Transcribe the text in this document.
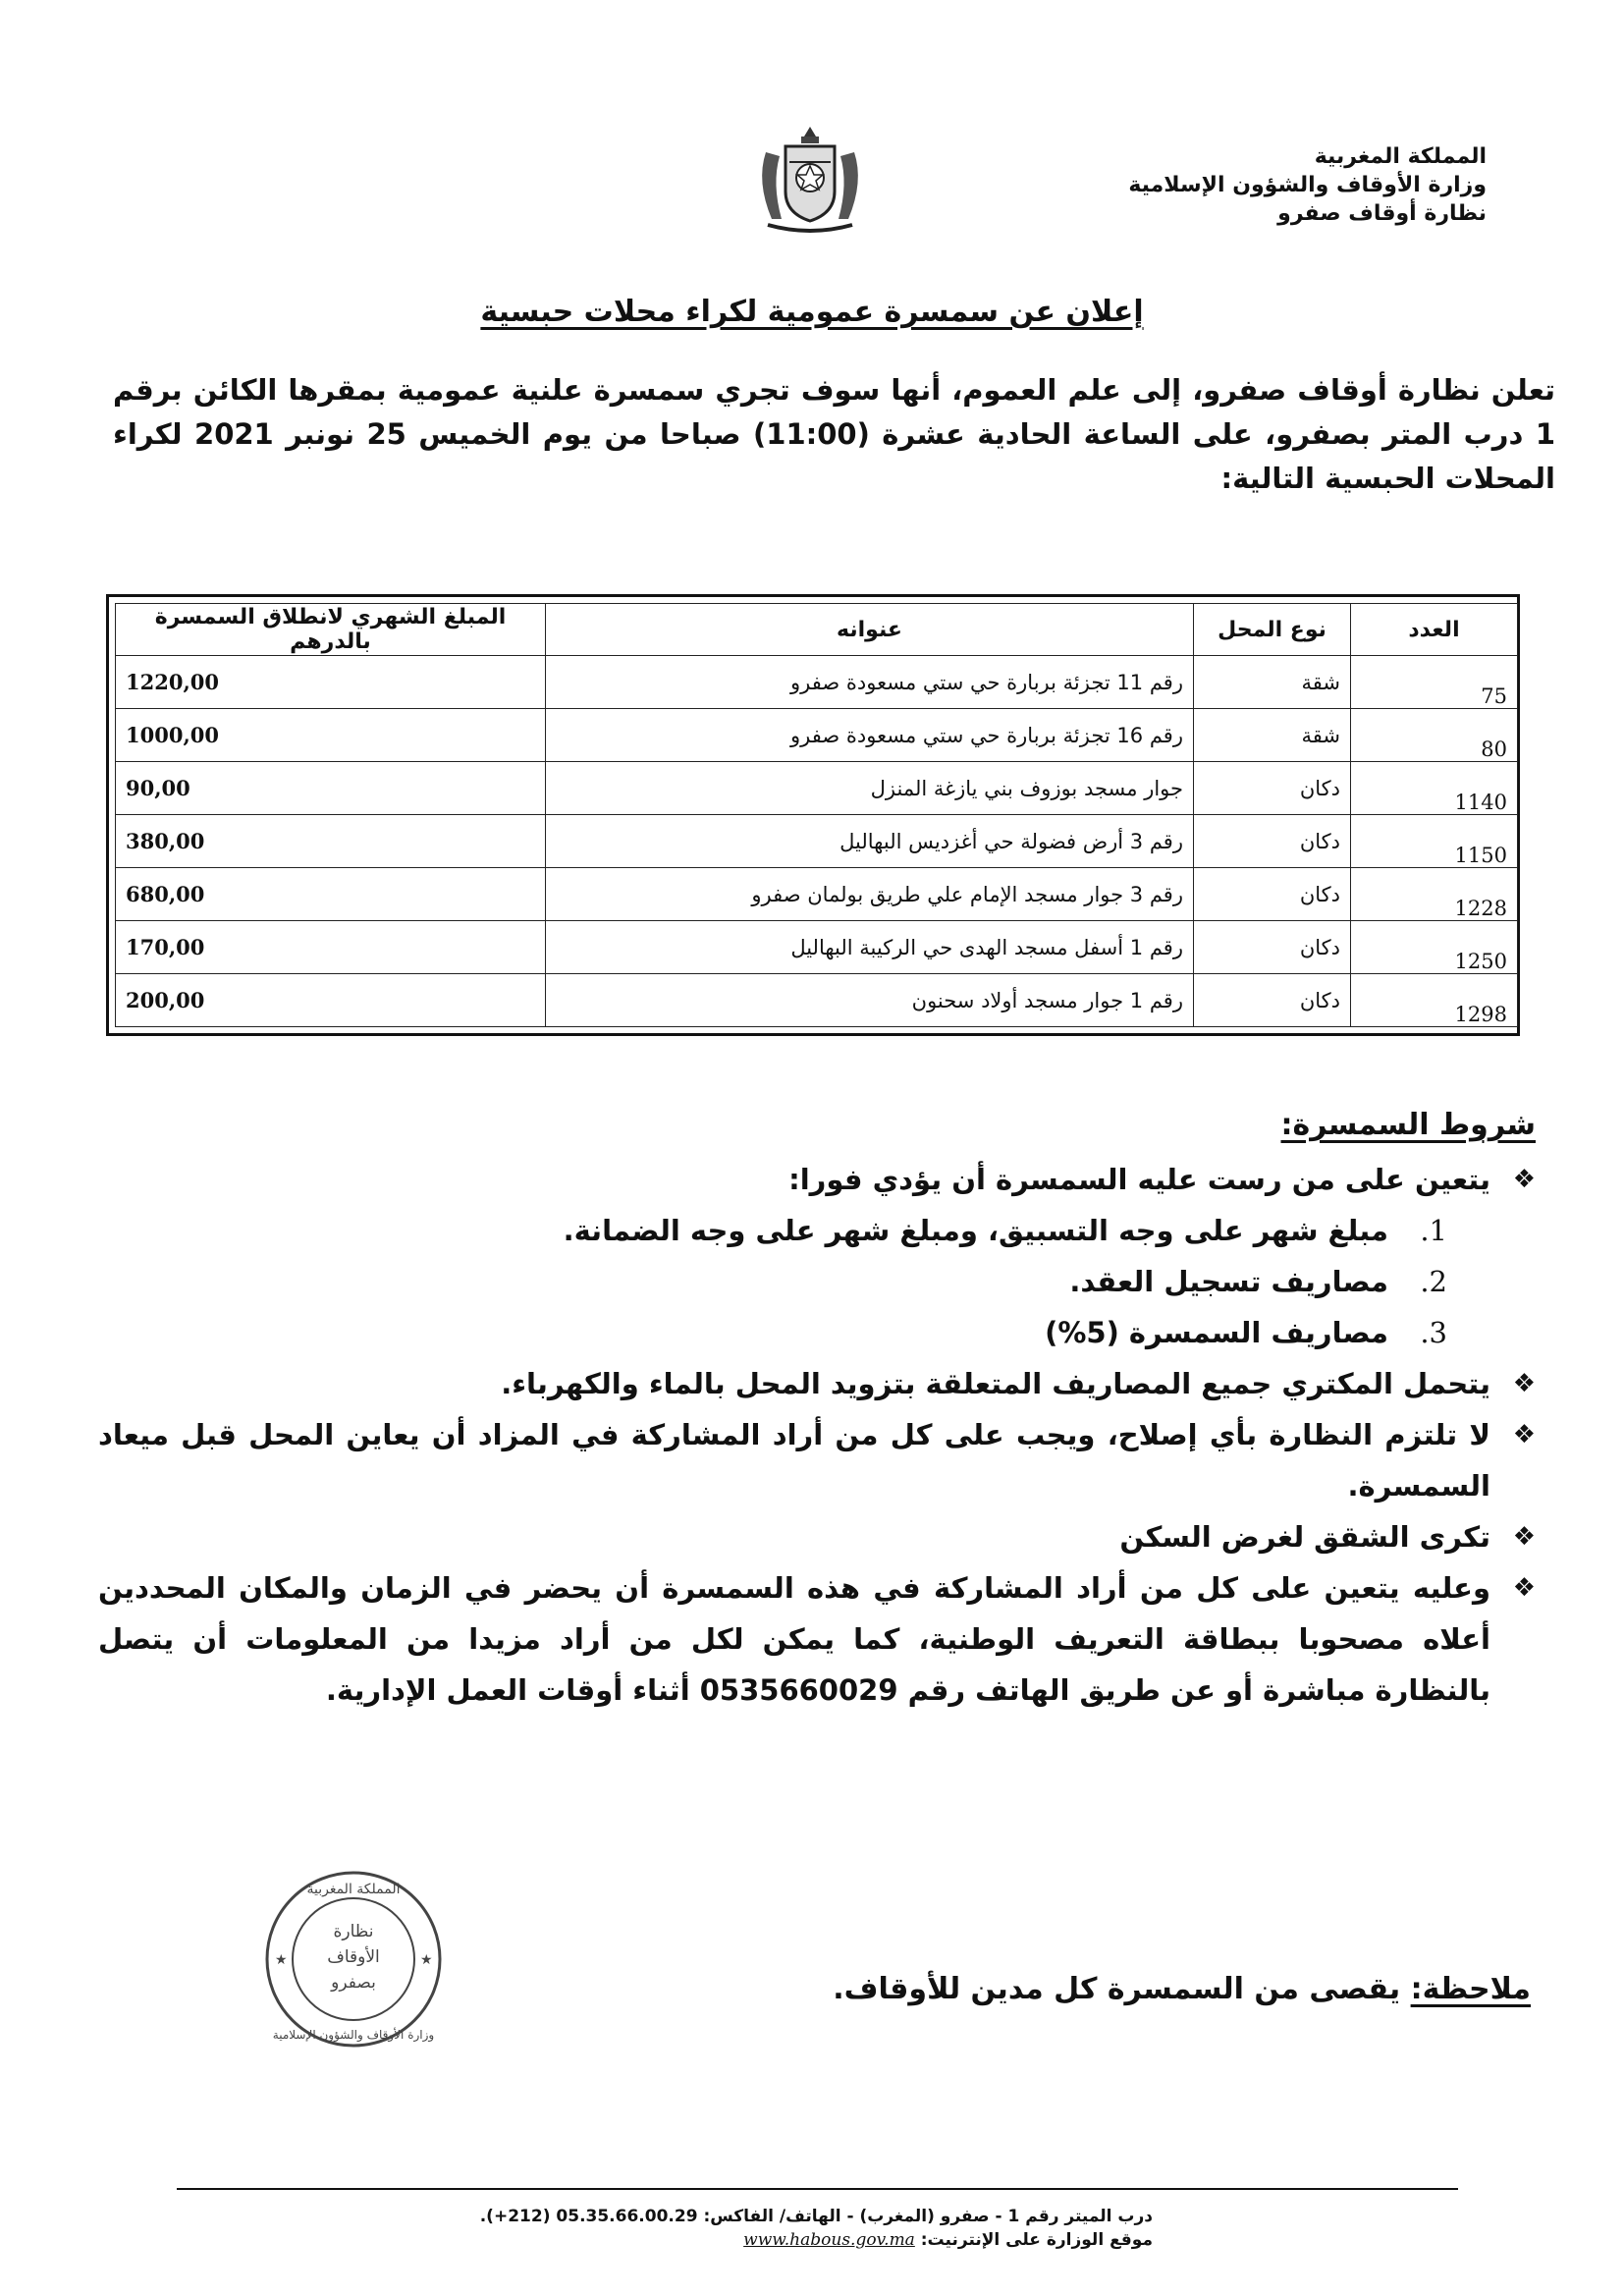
المملكة المغربية
وزارة الأوقاف والشؤون الإسلامية
نظارة أوقاف صفرو
إعلان عن سمسرة عمومية لكراء محلات حبسية
تعلن نظارة أوقاف صفرو، إلى علم العموم، أنها سوف تجري سمسرة علنية عمومية بمقرها الكائن برقم 1 درب المتر بصفرو، على الساعة الحادية عشرة (11:00) صباحا من يوم الخميس 25 نونبر 2021 لكراء المحلات الحبسية التالية:
العدد	نوع المحل	عنوانه	المبلغ الشهري لانطلاق السمسرة بالدرهم
75	شقة	رقم 11 تجزئة بربارة حي ستي مسعودة صفرو	1220,00
80	شقة	رقم 16 تجزئة بربارة حي ستي مسعودة صفرو	1000,00
1140	دكان	جوار مسجد بوزوف بني يازغة المنزل	90,00
1150	دكان	رقم 3 أرض فضولة حي أغزديس البهاليل	380,00
1228	دكان	رقم 3 جوار مسجد الإمام علي طريق بولمان صفرو	680,00
1250	دكان	رقم 1 أسفل مسجد الهدى حي الركيبة البهاليل	170,00
1298	دكان	رقم 1 جوار مسجد أولاد سحنون	200,00
شروط السمسرة:
❖
يتعين على من رست عليه السمسرة أن يؤدي فورا:
1.
مبلغ شهر على وجه التسبيق، ومبلغ شهر على وجه الضمانة.
2.
مصاريف تسجيل العقد.
3.
مصاريف السمسرة (5%)
❖
يتحمل المكتري جميع المصاريف المتعلقة بتزويد المحل بالماء والكهرباء.
❖
لا تلتزم النظارة بأي إصلاح، ويجب على كل من أراد المشاركة في المزاد أن يعاين المحل قبل ميعاد السمسرة.
❖
تكرى الشقق لغرض السكن
❖
وعليه يتعين على كل من أراد المشاركة في هذه السمسرة أن يحضر في الزمان والمكان المحددين أعلاه مصحوبا ببطاقة التعريف الوطنية، كما يمكن لكل من أراد مزيدا من المعلومات أن يتصل بالنظارة مباشرة أو عن طريق الهاتف رقم 0535660029 أثناء أوقات العمل الإدارية.
نظارة
الأوقاف
بصفرو
المملكة المغربية
وزارة الأوقاف والشؤون الإسلامية
★	★
ملاحظة: يقصى من السمسرة كل مدين للأوقاف.
درب الميتر رقم 1 - صفرو (المغرب) - الهاتف/ الفاكس: 05.35.66.00.29 (212+).
موقع الوزارة على الإنترنيت: www.habous.gov.ma
